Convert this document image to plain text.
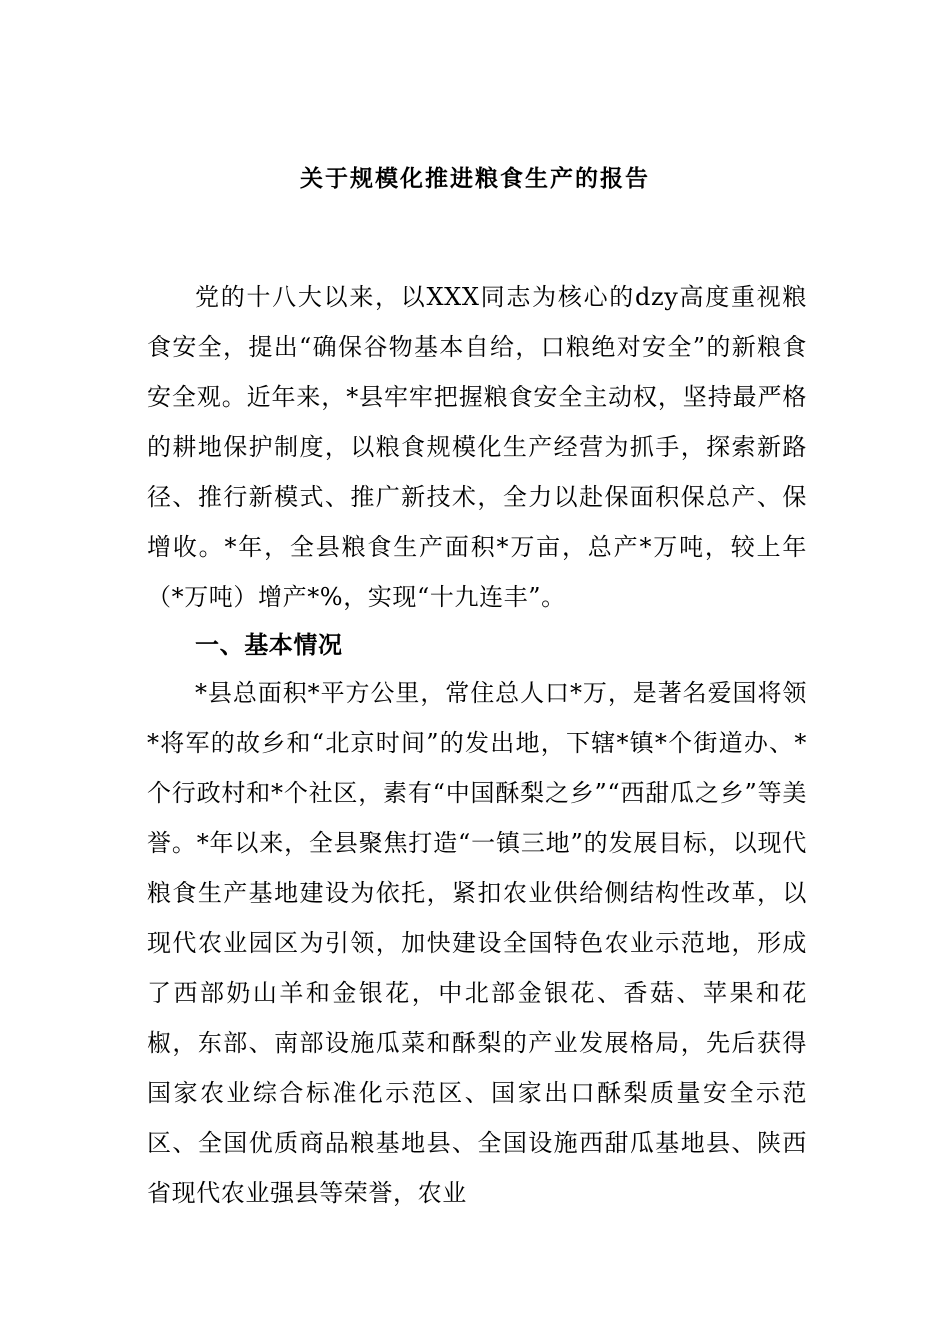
关于规模化推进粮食生产的报告

党的十八大以来，以XXX同志为核心的dzy高度重视粮食安全，提出“确保谷物基本自给，口粮绝对安全”的新粮食安全观。近年来，*县牢牢把握粮食安全主动权，坚持最严格的耕地保护制度，以粮食规模化生产经营为抓手，探索新路径、推行新模式、推广新技术，全力以赴保面积保总产、保增收。*年，全县粮食生产面积*万亩，总产*万吨，较上年（*万吨）增产*%，实现“十九连丰”。

一、基本情况

*县总面积*平方公里，常住总人口*万，是著名爱国将领*将军的故乡和“北京时间”的发出地，下辖*镇*个街道办、*个行政村和*个社区，素有“中国酥梨之乡”“西甜瓜之乡”等美誉。*年以来，全县聚焦打造“一镇三地”的发展目标，以现代粮食生产基地建设为依托，紧扣农业供给侧结构性改革，以现代农业园区为引领，加快建设全国特色农业示范地，形成了西部奶山羊和金银花，中北部金银花、香菇、苹果和花椒，东部、南部设施瓜菜和酥梨的产业发展格局，先后获得国家农业综合标准化示范区、国家出口酥梨质量安全示范区、全国优质商品粮基地县、全国设施西甜瓜基地县、陕西省现代农业强县等荣誉，农业
